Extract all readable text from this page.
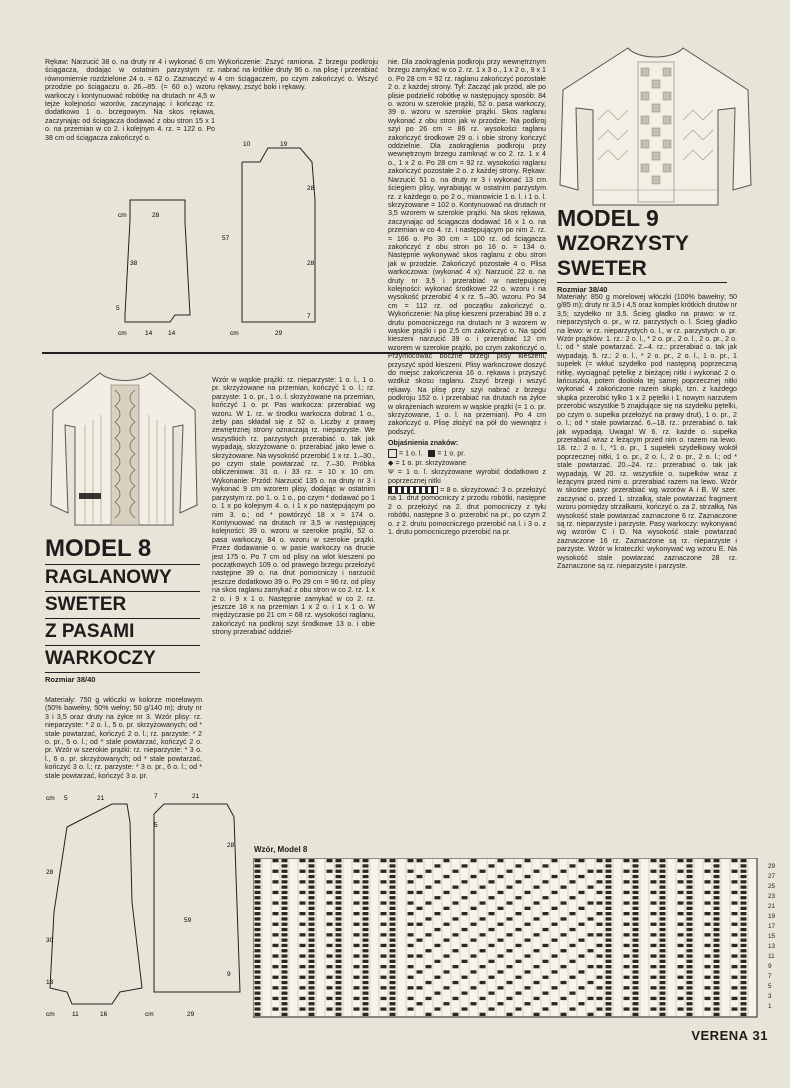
Rękaw: Narzucić 38 o. na druty nr 4 i wykonać 6 cm ściągacza, dodając w ostatnim parzystym rz. równomiernie rozdzielone 24 o. = 62 o. Zaznaczyć w przodzie po ściągaczu o. 26.–85. (= 60 o.) wzoru warkoczy i kontynuować robótkę na drutach nr 4,5 w tejże kolejności wzorów, zaczynając i kończąc rz. dodatkowo 1 o. brzegowym. Na skos rękawa, zaczynając od ściągacza dodawać z obu stron 15 x 1 o. na przemian w co 2. i kolejnym 4. rz. = 122 o. Po 38 cm od ściągacza zakończyć o.

Wykończenie: Zszyć ramiona. Z brzegu podkroju nabrać na krótkie druty 96 o. na plisę i przerabiać 4 cm ściągaczem, po czym zakończyć o. Wszyć rękawy, zszyć boki i rękawy.

cm	28
38
5
cm	14 14
10	19
28
57
28
7
cm	29

Wzór w wąskie prążki: rz. nieparzyste: 1 o. l., 1 o. pr. skrzyżowane na przemian, kończyć 1 o. l.; rz. parzyste: 1 o. pr., 1 o. l. skrzyżowane na przemian, kończyć 1 o. pr. Pas warkocza: przerabiać wg wzoru. W 1. rz. w środku warkocza dobrać 1 o., żeby pas składał się z 52 o. Liczby z prawej zewnętrznej strony oznaczają rz. nieparzyste. We wszystkich rz. parzystych przerabiać o. tak jak wypadają, skrzyżowane o. przerabiać jako lewe o. skrzyżowane. Na wysokość przerobić 1 x rz. 1.–30., po czym stale powtarzać rz. 7.–30. Próbka obliczeniowa: 31 o. i 33 rz. = 10 x 10 cm. Wykonanie: Przód: Narzucić 135 o. na druty nr 3 i wykonać 9 cm wzorem plisy, dodając w ostatnim parzystym rz. po 1. o. 1 o., po czym * dodawać po 1 o. 1 x po kolejnym 4. o. i 1 x po następującym po nim 3. o.; od * powtórzyć 18 x = 174 o. Kontynuować na drutach nr 3,5 w następującej kolejności: 39 o. wzoru w szerokie prążki, 52 o. pasa warkoczy, 84 o. wzoru w szerokie prążki. Przez dodawanie o. w pasie warkoczy na drucie jest 175 o. Po 7 cm od plisy na wlot kieszeni po początkowych 109 o. od prawego brzegu przełożyć następne 39 o. na drut pomocniczy i narzucić jeszcze dodatkowo 39 o. Po 29 cm = 96 rz. od plisy na skos raglanu zamykać z obu stron w co 2. rz. 1 x 2 o. i 9 x 1 o. Następnie zamykać w co 2. rz. jeszcze 18 x na przemian 1 x 2 o. i 1 x 1 o. W międzyczasie po 21 cm = 68 rz. wysokości raglanu, zakończyć na podkroj szyi środkowe 13 o. i obie strony przerabiać oddziel-

MODEL 8
RAGLANOWY
SWETER
Z PASAMI
WARKOCZY
Rozmiar 38/40

Materiały: 750 g włóczki w kolorze morelowym (50% bawełny, 50% wełny; 50 g/140 m); druty nr 3 i 3,5 oraz druty na żyłce nr 3. Wzór plisy: rz. nieparzyste: * 2 o. l., 5 o. pr. skrzyżowanych; od * stale powtarzać, kończyć 2 o. l.; rz. parzyste: * 2 o. pr., 5 o. l.; od * stale powtarzać, kończyć 2 o. pr. Wzór w szerokie prążki: rz. nieparzyste: * 3 o. l., 6 o. pr. skrzyżowanych; od * stale powtarzać, kończyć 3 o. l.; rz. parzyste: * 3 o. pr., 6 o. l.; od * stale powtarzać, kończyć 3 o. pr.

nie. Dla zaokrąglenia podkroju przy wewnętrznym brzegu zamykać w co 2. rz. 1 x 3 o., 1 x 2 o., 9 x 1 o. Po 28 cm = 92 rz. raglanu zakończyć pozostałe 2 o. z każdej strony. Tył: Zacząć jak przód, ale po plisie podzielić robótkę w następujący sposób: 84 o. wzoru w szerokie prążki, 52 o. pasa warkoczy, 39 o. wzoru w szerokie prążki. Skos raglanu wykonać z obu stron jak w przodzie. Na podkroj szyi po 26 cm = 86 rz. wysokości raglanu zakończyć środkowe 29 o. i obie strony kończyć oddzielnie. Dla zaokrąglenia podkroju przy wewnętrznym brzegu zamknąć w co 2. rz. 1 x 4 o., 1 x 2 o. Po 28 cm = 92 rz. wysokości raglanu zakończyć pozostałe 2 o. z każdej strony. Rękaw: Narzucić 51 o. na druty nr 3 i wykonać 13 cm ściegiem plisy, wyrabiając w ostatnim parzystym rz. z każdego o. po 2 o., mianowicie 1 o. l. i 1 o. l. skrzyżowane = 102 o. Kontynuować na drutach nr 3,5 wzorem w szerokie prążki. Na skos rękawa, zaczynając od ściągacza dodawać 16 x 1 o. na przemian w co 4. rz. i następującym po nim 2. rz. = 166 o. Po 30 cm = 100 rz. od ściągacza zakończyć z obu stron po 16 o. = 134 o. Następnie wykonywać skos raglanu z obu stron jak w przodzie. Zakończyć pozostałe 4 o. Plisa warkoczowa: (wykonać 4 x): Narzucić 22 o. na druty nr 3,5 i przerabiać w następującej kolejności: wykonać środkowe 22 o. wzoru i na wysokość przerobić 4 x rz. 5.–30. wzoru. Po 34 cm = 112 rz. od początku zakończyć o. Wykończenie: Na plisę kieszeni przerabiać 39 o. z drutu pomocniczego na drutach nr 3 wzorem w wąskie prążki i po 2,5 cm zakończyć o. Na spód kieszeni narzucić 39 o. i przerabiać 12 cm wzorem w szerokie prążki, po czym zakończyć o. Przymocować boczne brzegi plisy kieszeni, przyszyć spód kieszeni. Plisy warkoczowe doszyć do miejsc zakończenia 16 o. rękawa i przyszyć wzdłuż skosu raglanu. Zszyć brzegi i wszyć rękawy. Na plisę przy szyi nabrać z brzegu podkroju 152 o. i przerabiać na drutach na żyłce w okrążeniach wzorem w wąskie prążki (= 1 o. pr. skrzyżowane, 1 o. l. na przemian). Po 4 cm zakończyć o. Plisę złożyć na pół do wewnątrz i podszyć.

Objaśnienia znaków:

= 1 o. l. = 1 o. pr.

◆ = 1 o. pr. skrzyżowane

Ψ = 1 o. l. skrzyżowane wyrobić dodatkowo z poprzecznej nitki

= 8 o. skrzyżować: 3 o. przełożyć na 1. drut pomocniczy z przodu robótki, następne 2 o. przełożyć na 2. drut pomocniczy z tyłu robótki, następne 3 o. przerobić na pr., po czym 2 o. z 2. drutu pomocniczego przerobić na l. i 3 o. z 1. drutu pomocniczego przerobić na pr.

MODEL 9
WZORZYSTY
SWETER
Rozmiar 38/40

Materiały: 850 g morelowej włóczki (100% bawełny; 50 g/85 m); druty nr 3,5 i 4,5 oraz komplet krótkich drutów nr 3,5; szydełko nr 3,5. Ścieg gładko na prawo: w rz. nieparzystych o. pr., w rz. parzystych o. l. Ścieg gładko na lewo: w rz. nieparzystych o. l., w rz. parzystych o. pr. Wzór prążków: 1. rz.: 2 o. l., * 2 o. pr., 2 o. l., 2 o. pr., 2 o. l.; od * stale powtarzać. 2.–4. rz.: przerabiać o. tak jak wypadają. 5. rz.: 2 o. l., * 2 o. pr., 2 o. l., 1 o. pr., 1 supełek (= wkłuć szydełko pod następną poprzeczną nitkę, wyciągnąć pętelkę z bieżącej nitki i wykonać 2 o. łańcuszka, potem dookoła tej samej poprzecznej nitki wykonać 4 zakończone razem słupki, tzn. z każdego słupka przerobić tylko 1 x 2 pętelki i 1 nowym narzutem przerobić wszystkie 5 znajdujące się na szydełku pętelki, po czym o. supełka przełożyć na prawy drut), 1 o. pr., 2 o. l.; od * stale powtarzać. 6.–18. rz.: przerabiać o. tak jak wypadają. Uwaga! W 6. rz. każde o. supełka przerabiać wraz z leżącym przed nim o. razem na lewo. 18. rz.: 2 o. l., *1 o. pr., 1 supełek szydełkowy wokół poprzecznej nitki, 1 o. pr., 2 o. l., 2 o. pr., 2 o. l.; od * stale powtarzać. 20.–24. rz.: przerabiać o. tak jak wypadają. W 20. rz. wszystkie o. supełków wraz z leżącymi przed nimi o. przerabiać razem na lewo. Wzór w skośne pasy: przerabiać wg wzorów A i B. W szer. zaczynać o. przed 1. strzałką, stale powtarzać fragment wzoru pomiędzy strzałkami, kończyć o. za 2. strzałką. Na wysokość stale powtarzać zaznaczone 6 rz. Zaznaczone są rz. nieparzyste i parzyste. Pasy warkoczy: wykonywać wg wzorów C i D. Na wysokość stale powtarzać zaznaczone 16 rz. Zaznaczone są rz. nieparzyste i parzyste. Wzór w krateczki: wykonywać wg wzoru E. Na wysokość stale powtarzać zaznaczone 28 rz. Zaznaczone są rz. nieparzyste i parzyste.

cm 5	21
28
30
13
cm	11	16
7	21
28
59
9
cm	29
5
Wzór, Model 8
29
27
25
23
21
19
17
15
13
11
9
7
5
3
1
VERENA 31
